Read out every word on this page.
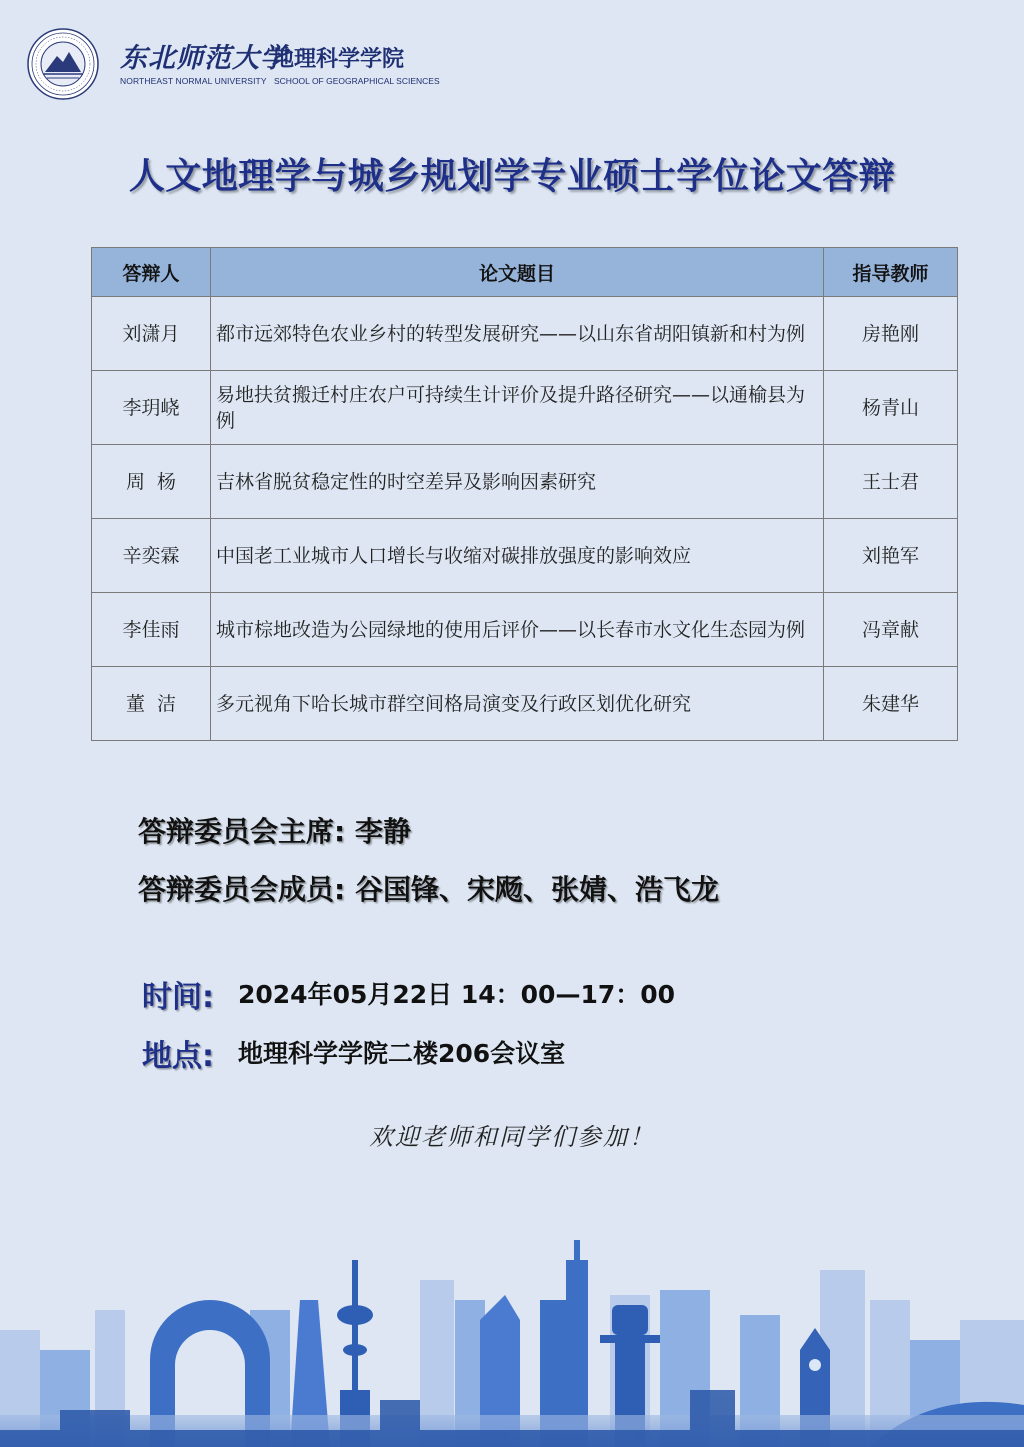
东北师范大学
地理科学学院
NORTHEAST NORMAL UNIVERSITY SCHOOL OF GEOGRAPHICAL SCIENCES
人文地理学与城乡规划学专业硕士学位论文答辩
答辩人	论文题目	指导教师
刘潇月	都市远郊特色农业乡村的转型发展研究——以山东省胡阳镇新和村为例	房艳刚
李玥峣	易地扶贫搬迁村庄农户可持续生计评价及提升路径研究——以通榆县为例	杨青山
周  杨	吉林省脱贫稳定性的时空差异及影响因素研究	王士君
辛奕霖	中国老工业城市人口增长与收缩对碳排放强度的影响效应	刘艳军
李佳雨	城市棕地改造为公园绿地的使用后评价——以长春市水文化生态园为例	冯章献
董  洁	多元视角下哈长城市群空间格局演变及行政区划优化研究	朱建华
答辩委员会主席: 李静
答辩委员会成员: 谷国锋、宋飏、张婧、浩飞龙
时间: 2024年05月22日 14：00—17：00
地点: 地理科学学院二楼206会议室
欢迎老师和同学们参加！
